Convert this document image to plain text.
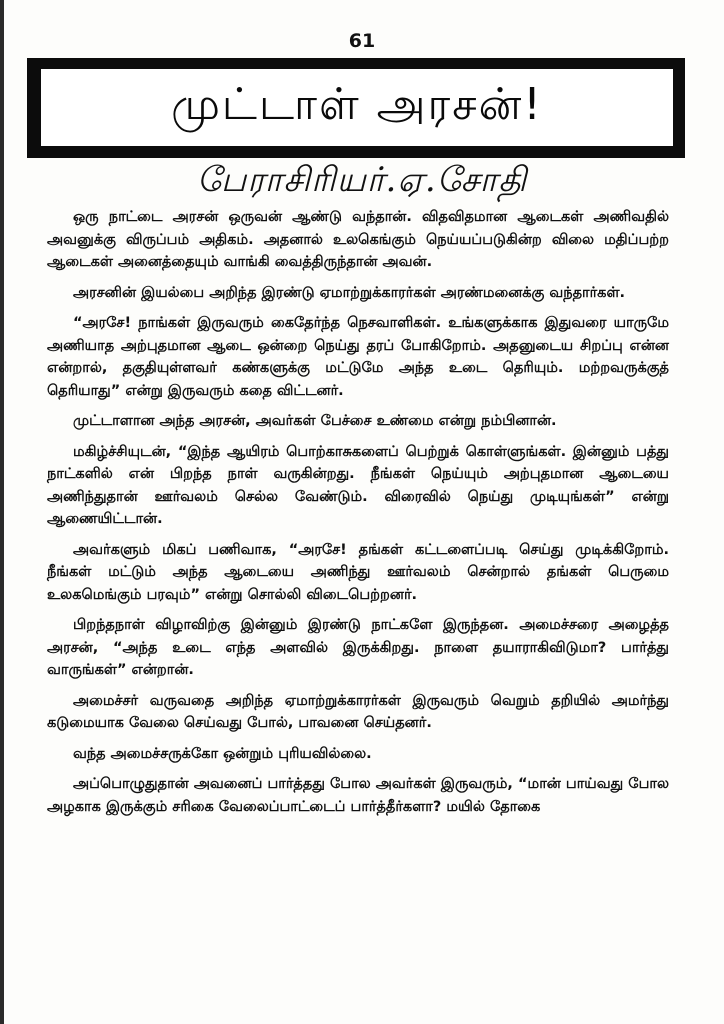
61
முட்டாள் அரசன்!
பேராசிரியர்.ஏ.சோதி

ஒரு நாட்டை அரசன் ஒருவன் ஆண்டு வந்தான். விதவிதமான ஆடைகள் அணிவதில் அவனுக்கு விருப்பம் அதிகம். அதனால் உலகெங்கும் நெய்யப்படுகின்ற விலை மதிப்பற்ற ஆடைகள் அனைத்தையும் வாங்கி வைத்திருந்தான் அவன்.

அரசனின் இயல்பை அறிந்த இரண்டு ஏமாற்றுக்காரர்கள் அரண்மனைக்கு வந்தார்கள்.

“அரசே! நாங்கள் இருவரும் கைதேர்ந்த நெசவாளிகள். உங்களுக்காக இதுவரை யாருமே அணியாத அற்புதமான ஆடை ஒன்றை நெய்து தரப் போகிறோம். அதனுடைய சிறப்பு என்ன என்றால், தகுதியுள்ளவர் கண்களுக்கு மட்டுமே அந்த உடை தெரியும். மற்றவருக்குத் தெரியாது” என்று இருவரும் கதை விட்டனர்.

முட்டாளான அந்த அரசன், அவர்கள் பேச்சை உண்மை என்று நம்பினான்.

மகிழ்ச்சியுடன், “இந்த ஆயிரம் பொற்காசுகளைப் பெற்றுக் கொள்ளுங்கள். இன்னும் பத்து நாட்களில் என் பிறந்த நாள் வருகின்றது. நீங்கள் நெய்யும் அற்புதமான ஆடையை அணிந்துதான் ஊர்வலம் செல்ல வேண்டும். விரைவில் நெய்து முடியுங்கள்” என்று ஆணையிட்டான்.

அவர்களும் மிகப் பணிவாக, “அரசே! தங்கள் கட்டளைப்படி செய்து முடிக்கிறோம். நீங்கள் மட்டும் அந்த ஆடையை அணிந்து ஊர்வலம் சென்றால் தங்கள் பெருமை உலகமெங்கும் பரவும்” என்று சொல்லி விடைபெற்றனர்.

பிறந்தநாள் விழாவிற்கு இன்னும் இரண்டு நாட்களே இருந்தன. அமைச்சரை அழைத்த அரசன், “அந்த உடை எந்த அளவில் இருக்கிறது. நாளை தயாராகிவிடுமா? பார்த்து வாருங்கள்” என்றான்.

அமைச்சர் வருவதை அறிந்த ஏமாற்றுக்காரர்கள் இருவரும் வெறும் தறியில் அமர்ந்து கடுமையாக வேலை செய்வது போல், பாவனை செய்தனர்.

வந்த அமைச்சருக்கோ ஒன்றும் புரியவில்லை.

அப்பொழுதுதான் அவனைப் பார்த்தது போல அவர்கள் இருவரும், “மான் பாய்வது போல அழகாக இருக்கும் சரிகை வேலைப்பாட்டைப் பார்த்தீர்களா? மயில் தோகை
